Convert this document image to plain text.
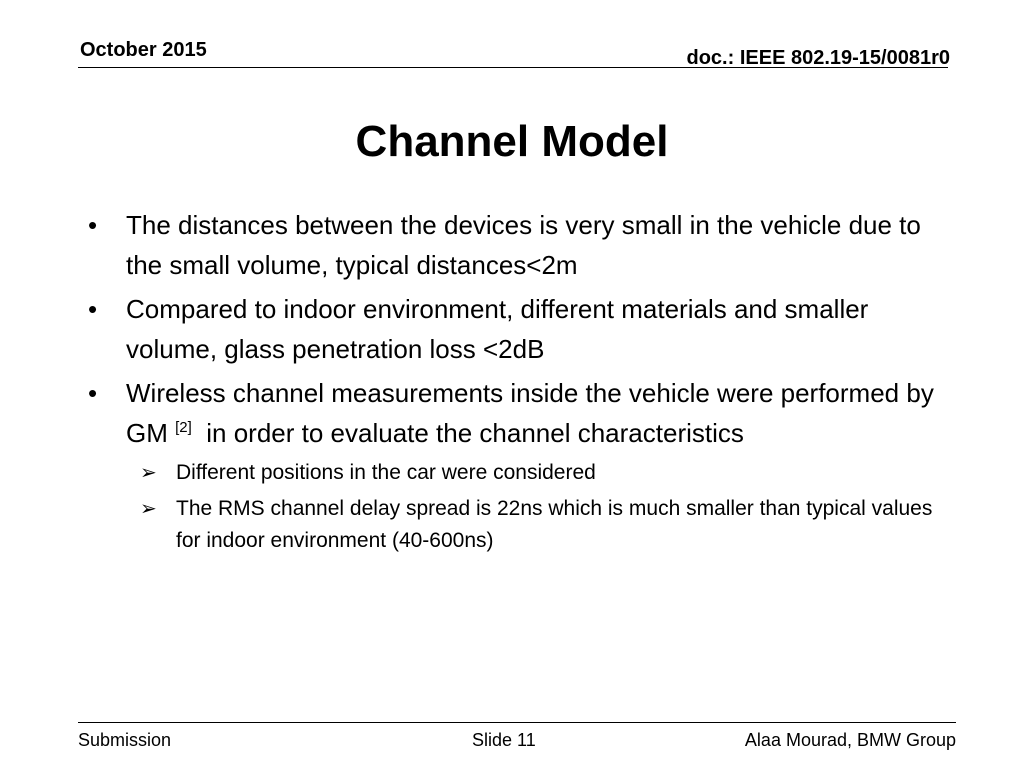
October 2015	doc.: IEEE 802.19-15/0081r0
Channel Model
• The distances between the devices is very small in the vehicle due to the small volume, typical distances<2m
• Compared to indoor environment, different materials and smaller volume, glass penetration loss <2dB
• Wireless channel measurements inside the vehicle were performed by GM [2]  in order to evaluate the channel characteristics
➢ Different positions in the car were considered
➢ The RMS channel delay spread is 22ns which is much smaller than typical values for indoor environment (40-600ns)
Submission	Slide 11	Alaa Mourad, BMW Group
